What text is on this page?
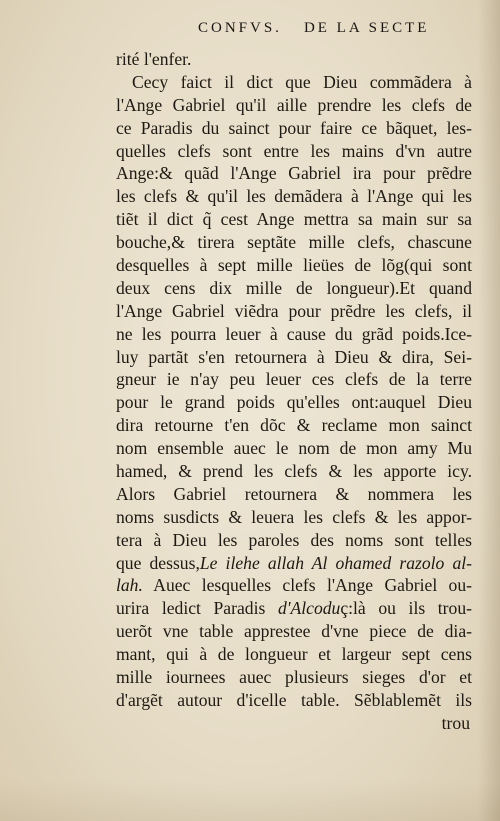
CONFVS. DE LA SECTE
rité l'enfer.
Cecy faict il dict que Dieu commãdera à
l'Ange Gabriel qu'il aille prendre les clefs de
ce Paradis du sainct pour faire ce bãquet, les-
quelles clefs sont entre les mains d'vn autre
Ange:& quãd l'Ange Gabriel ira pour prẽdre
les clefs & qu'il les demãdera à l'Ange qui les
tiẽt il dict q̃ cest Ange mettra sa main sur sa
bouche,& tirera septãte mille clefs, chascune
desquelles à sept mille lieües de lõg(qui sont
deux cens dix mille de longueur).Et quand
l'Ange Gabriel viẽdra pour prẽdre les clefs, il
ne les pourra leuer à cause du grãd poids.Ice-
luy partãt s'en retournera à Dieu & dira, Sei-
gneur ie n'ay peu leuer ces clefs de la terre
pour le grand poids qu'elles ont:auquel Dieu
dira retourne t'en dõc & reclame mon sainct
nom ensemble auec le nom de mon amy Mu
hamed, & prend les clefs & les apporte icy.
Alors Gabriel retournera & nommera les
noms susdicts & leuera les clefs & les appor-
tera à Dieu les paroles des noms sont telles
que dessus,Le ilehe allah Al ohamed razolo al-
lah. Auec lesquelles clefs l'Ange Gabriel ou-
urira ledict Paradis d'Alcoduç:là ou ils trou-
uerõt vne table apprestee d'vne piece de dia-
mant, qui à de longueur et largeur sept cens
mille iournees auec plusieurs sieges d'or et
d'argẽt autour d'icelle table. Sẽblablemẽt ils
trou
